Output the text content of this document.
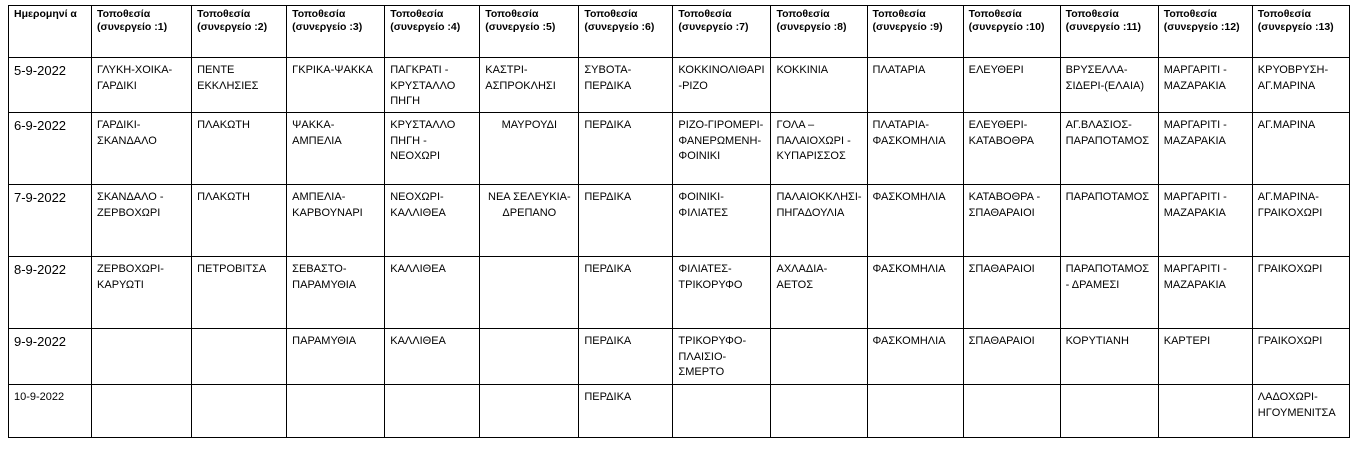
Ημερομηνί α	Τοποθεσία (συνεργείο :1)	Τοποθεσία (συνεργείο :2)	Τοποθεσία (συνεργείο :3)	Τοποθεσία (συνεργείο :4)	Τοποθεσία (συνεργείο :5)	Τοποθεσία (συνεργείο :6)	Τοποθεσία (συνεργείο :7)	Τοποθεσία (συνεργείο :8)	Τοποθεσία (συνεργείο :9)	Τοποθεσία (συνεργείο :10)	Τοποθεσία (συνεργείο :11)	Τοποθεσία (συνεργείο :12)	Τοποθεσία (συνεργείο :13)
5-9-2022	ΓΛΥΚΗ-ΧΟΙΚΑ-ΓΑΡΔΙΚΙ	ΠΕΝΤΕ ΕΚΚΛΗΣΙΕΣ	ΓΚΡΙΚΑ-ΨΑΚΚΑ	ΠΑΓΚΡΑΤΙ - ΚΡΥΣΤΑΛΛΟ ΠΗΓΗ	ΚΑΣΤΡΙ-ΑΣΠΡΟΚΛΗΣΙ	ΣΥΒΟΤΑ-ΠΕΡΔΙΚΑ	ΚΟΚΚΙΝΟΛΙΘΑΡΙ-ΡΙΖΟ	ΚΟΚΚΙΝΙΑ	ΠΛΑΤΑΡΙΑ	ΕΛΕΥΘΕΡΙ	ΒΡΥΣΕΛΛΑ-ΣΙΔΕΡΙ-(ΕΛΑΙΑ)	ΜΑΡΓΑΡΙΤΙ - ΜΑΖΑΡΑΚΙΑ	ΚΡΥΟΒΡΥΣΗ-ΑΓ.ΜΑΡΙΝΑ
6-9-2022	ΓΑΡΔΙΚΙ-ΣΚΑΝΔΑΛΟ	ΠΛΑΚΩΤΗ	ΨΑΚΚΑ-ΑΜΠΕΛΙΑ	ΚΡΥΣΤΑΛΛΟ ΠΗΓΗ - ΝΕΟΧΩΡΙ	ΜΑΥΡΟΥΔΙ	ΠΕΡΔΙΚΑ	ΡΙΖΟ-ΓΙΡΟΜΕΡΙ-ΦΑΝΕΡΩΜΕΝΗ-ΦΟΙΝΙΚΙ	ΓΟΛΑ – ΠΑΛΑΙΟΧΩΡΙ - ΚΥΠΑΡΙΣΣΟΣ	ΠΛΑΤΑΡΙΑ-ΦΑΣΚΟΜΗΛΙΑ	ΕΛΕΥΘΕΡΙ-ΚΑΤΑΒΟΘΡΑ	ΑΓ.ΒΛΑΣΙΟΣ-ΠΑΡΑΠΟΤΑΜΟΣ	ΜΑΡΓΑΡΙΤΙ - ΜΑΖΑΡΑΚΙΑ	ΑΓ.ΜΑΡΙΝΑ
7-9-2022	ΣΚΑΝΔΑΛΟ - ΖΕΡΒΟΧΩΡΙ	ΠΛΑΚΩΤΗ	ΑΜΠΕΛΙΑ-ΚΑΡΒΟΥΝΑΡΙ	ΝΕΟΧΩΡΙ-ΚΑΛΛΙΘΕΑ	ΝΕΑ ΣΕΛΕΥΚΙΑ-ΔΡΕΠΑΝΟ	ΠΕΡΔΙΚΑ	ΦΟΙΝΙΚΙ-ΦΙΛΙΑΤΕΣ	ΠΑΛΑΙΟΚΚΛΗΣΙ-ΠΗΓΑΔΟΥΛΙΑ	ΦΑΣΚΟΜΗΛΙΑ	ΚΑΤΑΒΟΘΡΑ - ΣΠΑΘΑΡΑΙΟΙ	ΠΑΡΑΠΟΤΑΜΟΣ	ΜΑΡΓΑΡΙΤΙ - ΜΑΖΑΡΑΚΙΑ	ΑΓ.ΜΑΡΙΝΑ-ΓΡΑΙΚΟΧΩΡΙ
8-9-2022	ΖΕΡΒΟΧΩΡΙ-ΚΑΡΥΩΤΙ	ΠΕΤΡΟΒΙΤΣΑ	ΣΕΒΑΣΤΟ-ΠΑΡΑΜΥΘΙΑ	ΚΑΛΛΙΘΕΑ		ΠΕΡΔΙΚΑ	ΦΙΛΙΑΤΕΣ-ΤΡΙΚΟΡΥΦΟ	ΑΧΛΑΔΙΑ-ΑΕΤΟΣ	ΦΑΣΚΟΜΗΛΙΑ	ΣΠΑΘΑΡΑΙΟΙ	ΠΑΡΑΠΟΤΑΜΟΣ - ΔΡΑΜΕΣΙ	ΜΑΡΓΑΡΙΤΙ - ΜΑΖΑΡΑΚΙΑ	ΓΡΑΙΚΟΧΩΡΙ
9-9-2022			ΠΑΡΑΜΥΘΙΑ	ΚΑΛΛΙΘΕΑ		ΠΕΡΔΙΚΑ	ΤΡΙΚΟΡΥΦΟ-ΠΛΑΙΣΙΟ-ΣΜΕΡΤΟ		ΦΑΣΚΟΜΗΛΙΑ	ΣΠΑΘΑΡΑΙΟΙ	ΚΟΡΥΤΙΑΝΗ	ΚΑΡΤΕΡΙ	ΓΡΑΙΚΟΧΩΡΙ
10-9-2022						ΠΕΡΔΙΚΑ							ΛΑΔΟΧΩΡΙ-ΗΓΟΥΜΕΝΙΤΣΑ
